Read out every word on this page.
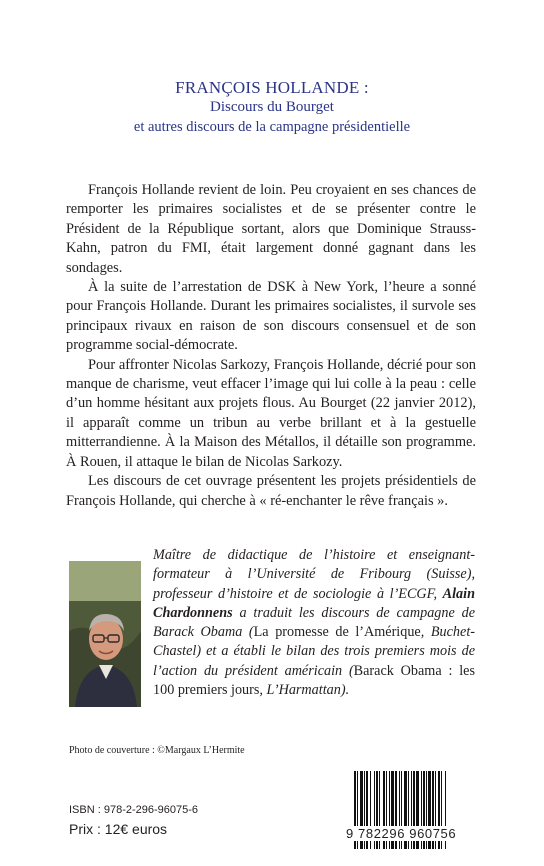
FRANÇOIS HOLLANDE :
Discours du Bourget
et autres discours de la campagne présidentielle

François Hollande revient de loin. Peu croyaient en ses chances de remporter les primaires socialistes et de se présenter contre le Président de la République sortant, alors que Dominique Strauss-Kahn, patron du FMI, était largement donné gagnant dans les sondages.

À la suite de l’arrestation de DSK à New York, l’heure a sonné pour François Hollande. Durant les primaires socialistes, il survole ses principaux rivaux en raison de son discours consensuel et de son programme social-démocrate.

Pour affronter Nicolas Sarkozy, François Hollande, décrié pour son manque de charisme, veut effacer l’image qui lui colle à la peau : celle d’un homme hésitant aux projets flous. Au Bourget (22 janvier 2012), il apparaît comme un tribun au verbe brillant et à la gestuelle mitterrandienne. À la Maison des Métallos, il détaille son programme. À Rouen, il attaque le bilan de Nicolas Sarkozy.

Les discours de cet ouvrage présentent les projets présidentiels de François Hollande, qui cherche à « ré-enchanter le rêve français ».

Maître de didactique de l’histoire et enseignant-formateur à l’Université de Fribourg (Suisse), professeur d’histoire et de sociologie à l’ECGF, Alain Chardonnens a traduit les discours de campagne de Barack Obama (La promesse de l’Amérique, Buchet-Chastel) et a établi le bilan des trois premiers mois de l’action du président américain (Barack Obama : les 100 premiers jours, L’Harmattan).
Photo de couverture : ©Margaux L’Hermite
9 782296 960756
ISBN : 978-2-296-96075-6
Prix : 12€ euros
